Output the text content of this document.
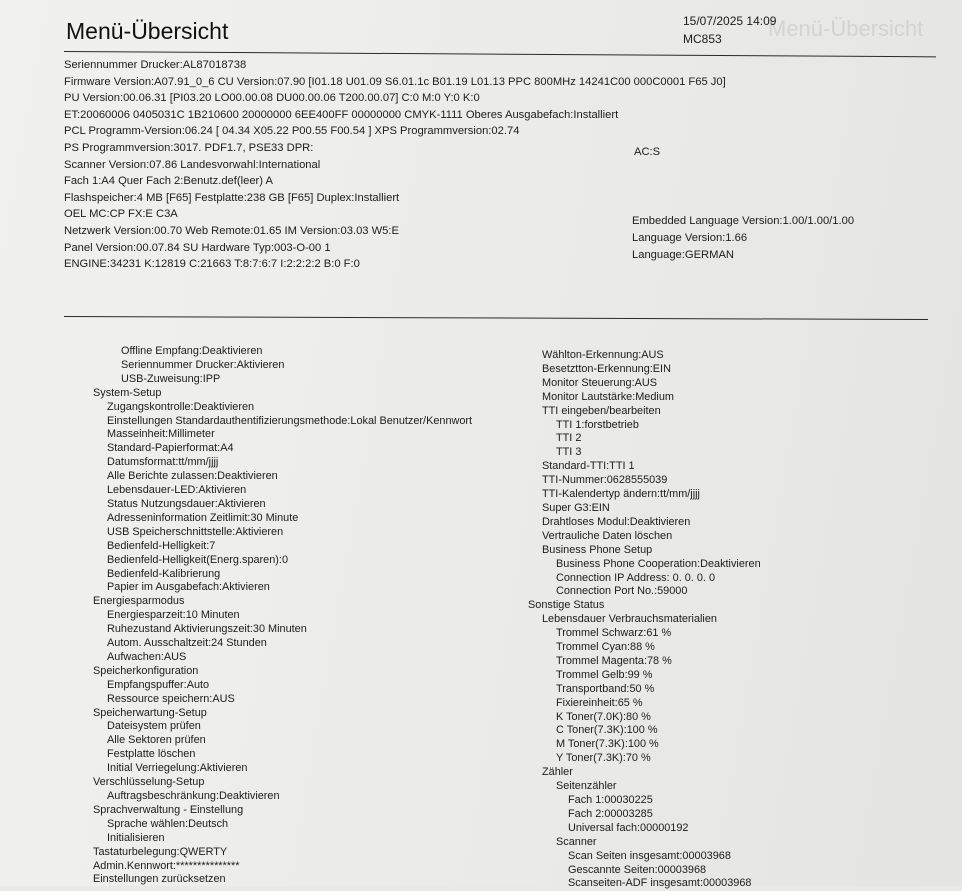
Menü-Übersicht
Menü-Übersicht	15/07/2025 14:09
MC853
Seriennummer Drucker:AL87018738
Firmware Version:A07.91_0_6 CU Version:07.90 [I01.18 U01.09 S6.01.1c B01.19 L01.13 PPC 800MHz 14241C00 000C0001 F65 J0]
PU Version:00.06.31 [PI03.20 LO00.00.08 DU00.00.06 T200.00.07] C:0 M:0 Y:0 K:0
ET:20060006 0405031C 1B210600 20000000 6EE400FF 00000000 CMYK-1111 Oberes Ausgabefach:Installiert
PCL Programm-Version:06.24 [ 04.34 X05.22 P00.55 F00.54 ] XPS Programmversion:02.74
PS Programmversion:3017. PDF1.7, PSE33 DPR:
Scanner Version:07.86 Landesvorwahl:International
Fach 1:A4 Quer Fach 2:Benutz.def(leer) A
Flashspeicher:4 MB [F65] Festplatte:238 GB [F65] Duplex:Installiert
OEL MC:CP FX:E C3A
Netzwerk Version:00.70 Web Remote:01.65 IM Version:03.03 W5:E
Panel Version:00.07.84 SU Hardware Typ:003-O-00 1
ENGINE:34231 K:12819 C:21663 T:8:7:6:7 I:2:2:2:2 B:0 F:0
AC:S
Embedded Language Version:1.00/1.00/1.00
Language Version:1.66
Language:GERMAN
Offline Empfang:Deaktivieren
Seriennummer Drucker:Aktivieren
USB-Zuweisung:IPP
System-Setup
Zugangskontrolle:Deaktivieren
Einstellungen Standardauthentifizierungsmethode:Lokal Benutzer/Kennwort
Masseinheit:Millimeter
Standard-Papierformat:A4
Datumsformat:tt/mm/jjjj
Alle Berichte zulassen:Deaktivieren
Lebensdauer-LED:Aktivieren
Status Nutzungsdauer:Aktivieren
Adresseninformation Zeitlimit:30 Minute
USB Speicherschnittstelle:Aktivieren
Bedienfeld-Helligkeit:7
Bedienfeld-Helligkeit(Energ.sparen):0
Bedienfeld-Kalibrierung
Papier im Ausgabefach:Aktivieren
Energiesparmodus
Energiesparzeit:10 Minuten
Ruhezustand Aktivierungszeit:30 Minuten
Autom. Ausschaltzeit:24 Stunden
Aufwachen:AUS
Speicherkonfiguration
Empfangspuffer:Auto
Ressource speichern:AUS
Speicherwartung-Setup
Dateisystem prüfen
Alle Sektoren prüfen
Festplatte löschen
Initial Verriegelung:Aktivieren
Verschlüsselung-Setup
Auftragsbeschränkung:Deaktivieren
Sprachverwaltung - Einstellung
Sprache wählen:Deutsch
Initialisieren
Tastaturbelegung:QWERTY
Admin.Kennwort:***************
Einstellungen zurücksetzen
Wählton-Erkennung:AUS
Besetztton-Erkennung:EIN
Monitor Steuerung:AUS
Monitor Lautstärke:Medium
TTI eingeben/bearbeiten
TTI 1:forstbetrieb
TTI 2
TTI 3
Standard-TTI:TTI 1
TTI-Nummer:0628555039
TTI-Kalendertyp ändern:tt/mm/jjjj
Super G3:EIN
Drahtloses Modul:Deaktivieren
Vertrauliche Daten löschen
Business Phone Setup
Business Phone Cooperation:Deaktivieren
Connection IP Address: 0. 0. 0. 0
Connection Port No.:59000
Sonstige Status
Lebensdauer Verbrauchsmaterialien
Trommel Schwarz:61 %
Trommel Cyan:88 %
Trommel Magenta:78 %
Trommel Gelb:99 %
Transportband:50 %
Fixiereinheit:65 %
K Toner(7.0K):80 %
C Toner(7.3K):100 %
M Toner(7.3K):100 %
Y Toner(7.3K):70 %
Zähler
Seitenzähler
Fach 1:00030225
Fach 2:00003285
Universal fach:00000192
Scanner
Scan Seiten insgesamt:00003968
Gescannte Seiten:00003968
Scanseiten-ADF insgesamt:00003968
